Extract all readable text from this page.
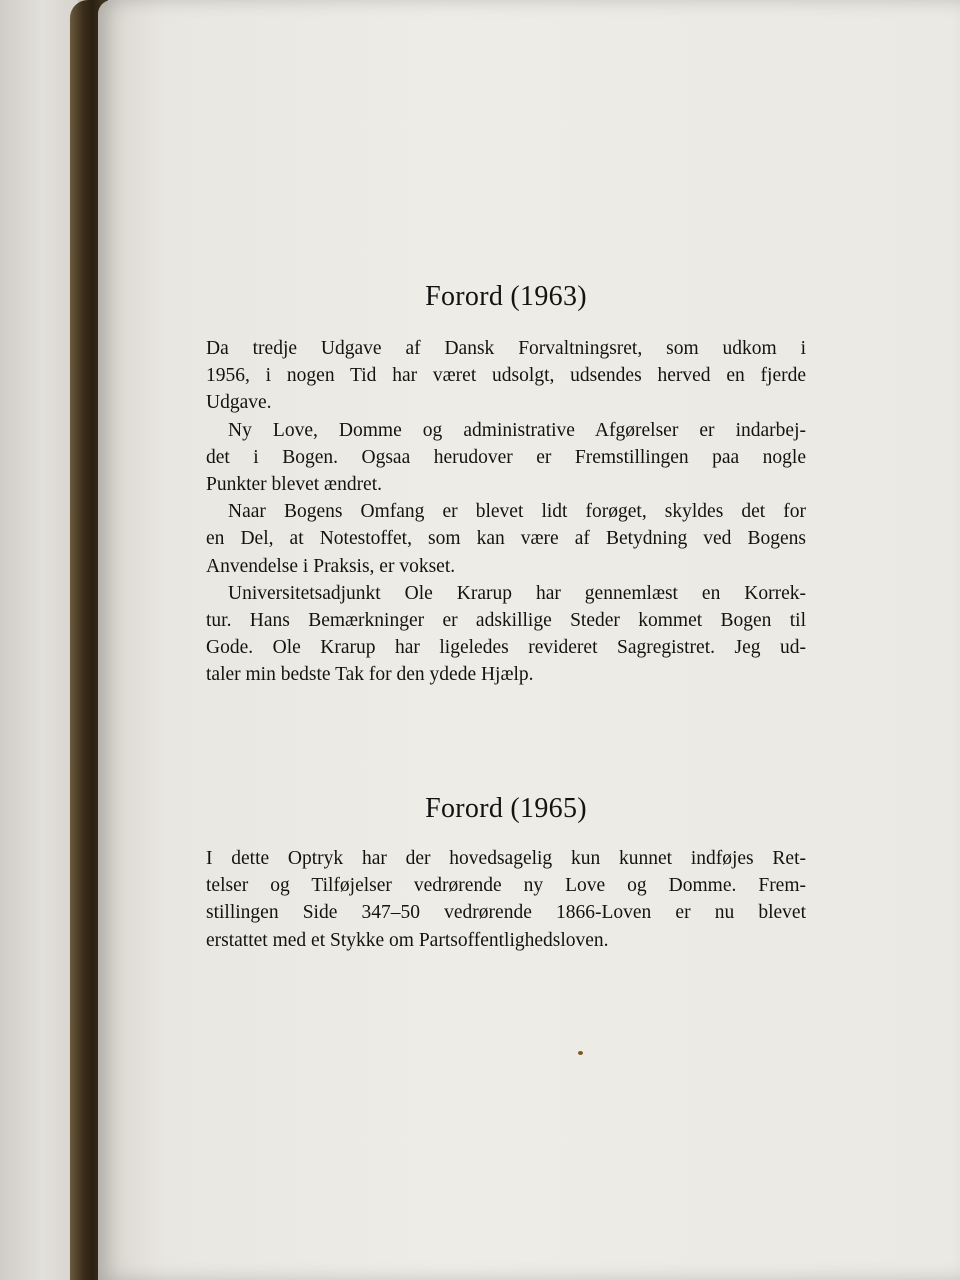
Forord (1963)

Da tredje Udgave af Dansk Forvaltningsret, som udkom i
1956, i nogen Tid har været udsolgt, udsendes herved en fjerde
Udgave.

Ny Love, Domme og administrative Afgørelser er indarbej-
det i Bogen. Ogsaa herudover er Fremstillingen paa nogle
Punkter blevet ændret.

Naar Bogens Omfang er blevet lidt forøget, skyldes det for
en Del, at Notestoffet, som kan være af Betydning ved Bogens
Anvendelse i Praksis, er vokset.

Universitetsadjunkt Ole Krarup har gennemlæst en Korrek-
tur. Hans Bemærkninger er adskillige Steder kommet Bogen til
Gode. Ole Krarup har ligeledes revideret Sagregistret. Jeg ud-
taler min bedste Tak for den ydede Hjælp.

Forord (1965)

I dette Optryk har der hovedsagelig kun kunnet indføjes Ret-
telser og Tilføjelser vedrørende ny Love og Domme. Frem-
stillingen Side 347–50 vedrørende 1866-Loven er nu blevet
erstattet med et Stykke om Partsoffentlighedsloven.
